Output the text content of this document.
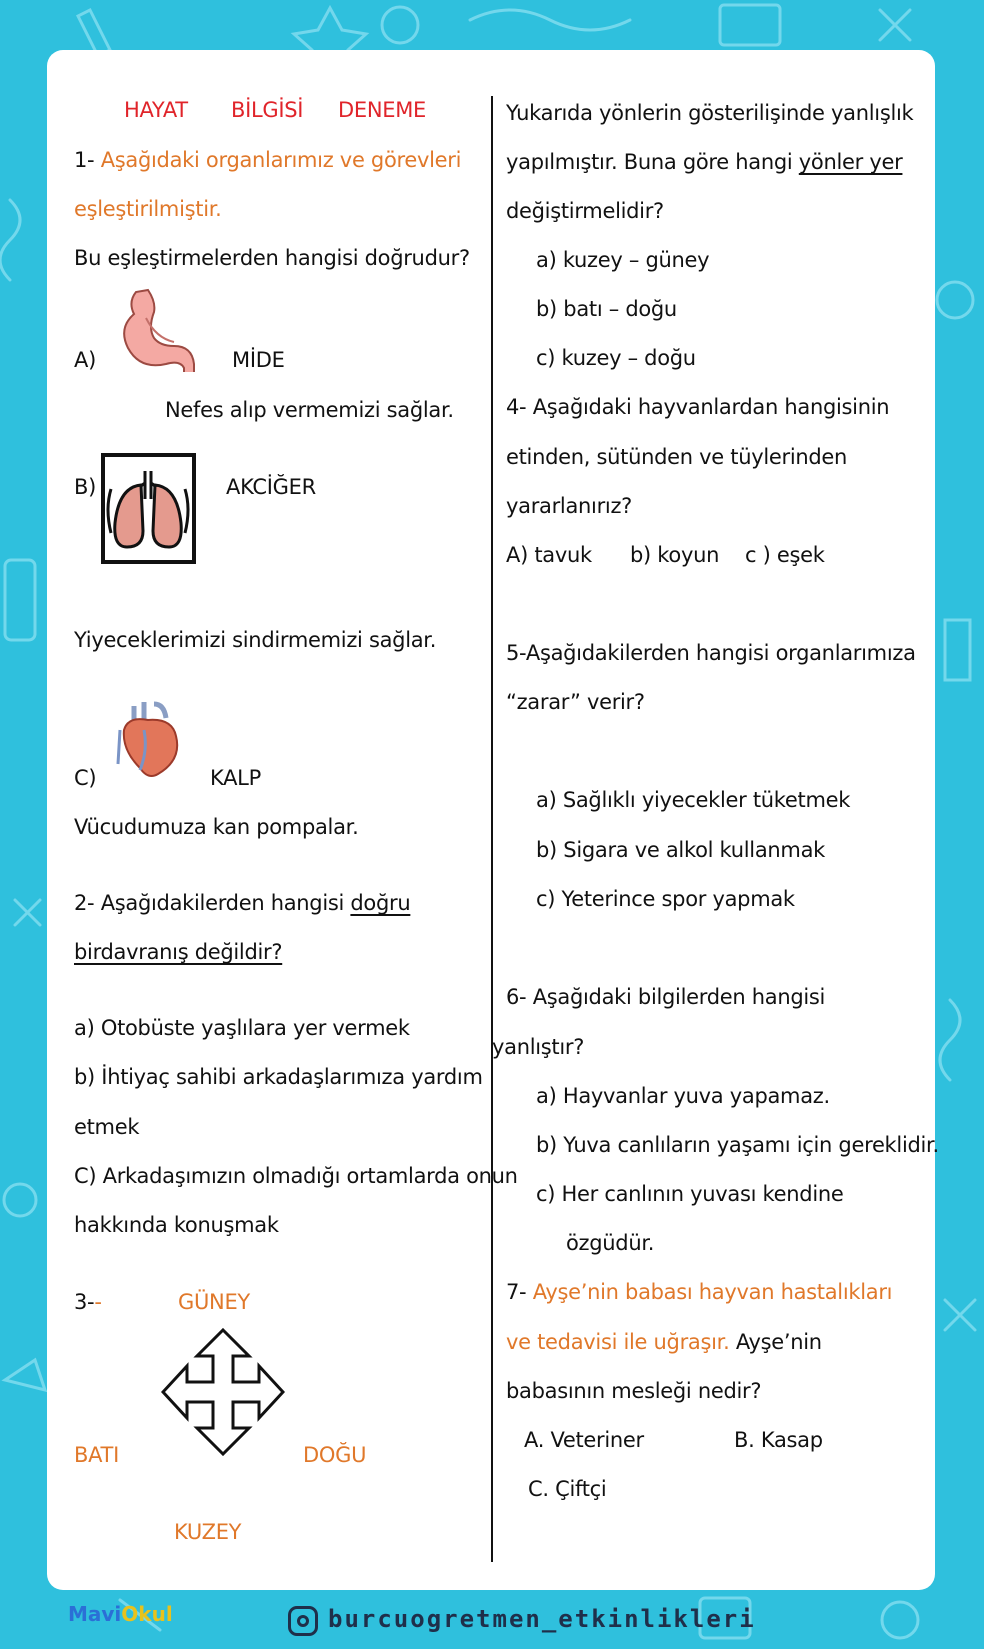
HAYAT BİLGİSİ DENEME
1- Aşağıdaki organlarımız ve görevleri
eşleştirilmiştir.
Bu eşleştirmelerden hangisi doğrudur?
A)	MİDE
Nefes alıp vermemizi sağlar.
B)	AKCİĞER
Yiyeceklerimizi sindirmemizi sağlar.
C)	KALP
Vücudumuza kan pompalar.
2- Aşağıdakilerden hangisi doğru
birdavranış değildir?
a) Otobüste yaşlılara yer vermek
b) İhtiyaç sahibi arkadaşlarımıza yardım
etmek
C) Arkadaşımızın olmadığı ortamlarda onun
hakkında konuşmak
3--	GÜNEY
BATI	DOĞU
KUZEY
Yukarıda yönlerin gösterilişinde yanlışlık
yapılmıştır. Buna göre hangi yönler yer
değiştirmelidir?
a) kuzey – güney
b) batı – doğu
c) kuzey – doğu
4- Aşağıdaki hayvanlardan hangisinin
etinden, sütünden ve tüylerinden
yararlanırız?
A) tavuk b) koyun c ) eşek
5-Aşağıdakilerden hangisi organlarımıza
“zarar” verir?
a) Sağlıklı yiyecekler tüketmek
b) Sigara ve alkol kullanmak
c) Yeterince spor yapmak
6- Aşağıdaki bilgilerden hangisi
yanlıştır?
a) Hayvanlar yuva yapamaz.
b) Yuva canlıların yaşamı için gereklidir.
c) Her canlının yuvası kendine
özgüdür.
7- Ayşe’nin babası hayvan hastalıkları
ve tedavisi ile uğraşır. Ayşe’nin
babasının mesleği nedir?
A. Veteriner	B. Kasap
C. Çiftçi
MaviOkul	burcuogretmen_etkinlikleri
